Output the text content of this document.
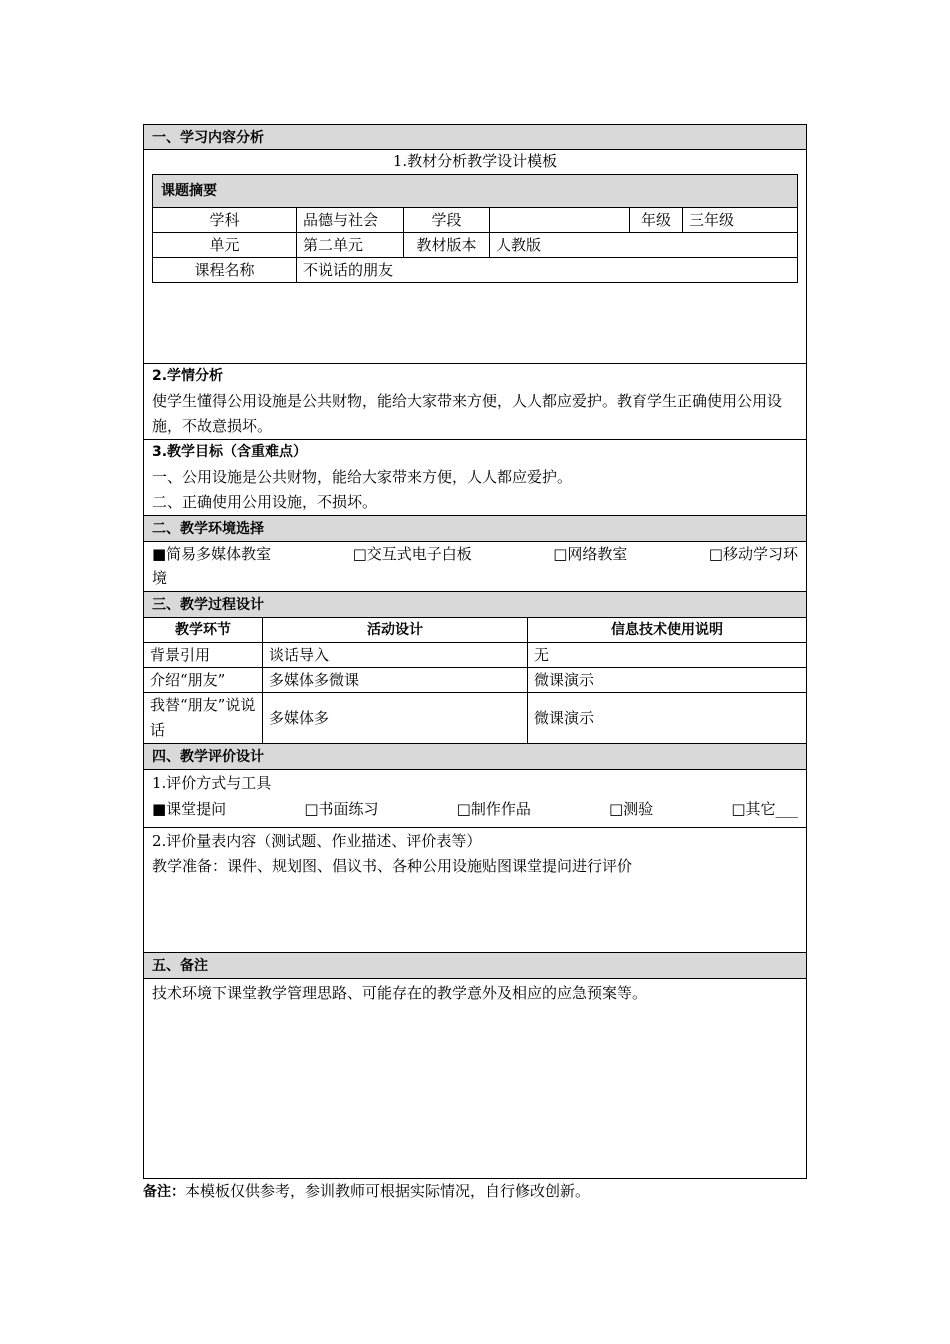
一、学习内容分析
1.教材分析教学设计模板
课题摘要					
学科	品德与社会	学段		年级	三年级
单元	第二单元	教材版本	人教版		
课程名称	不说话的朋友				
2.学情分析
使学生懂得公用设施是公共财物，能给大家带来方便，人人都应爱护。教育学生正确使用公用设施，不故意损坏。
3.教学目标（含重难点）
一、公用设施是公共财物，能给大家带来方便，人人都应爱护。
二、正确使用公用设施，不损坏。
二、教学环境选择
■简易多媒体教室	□交互式电子白板	□网络教室	□移动学习环
境
三、教学过程设计
教学环节	活动设计	信息技术使用说明
背景引用	谈话导入	无
介绍“朋友”	多媒体多微课	微课演示
我替“朋友”说说话	多媒体多	微课演示
四、教学评价设计
1.评价方式与工具
■课堂提问	□书面练习	□制作作品	□测验	□其它___
2.评价量表内容（测试题、作业描述、评价表等）
教学准备：课件、规划图、倡议书、各种公用设施贴图课堂提问进行评价
五、备注
技术环境下课堂教学管理思路、可能存在的教学意外及相应的应急预案等。
备注：本模板仅供参考，参训教师可根据实际情况，自行修改创新。
